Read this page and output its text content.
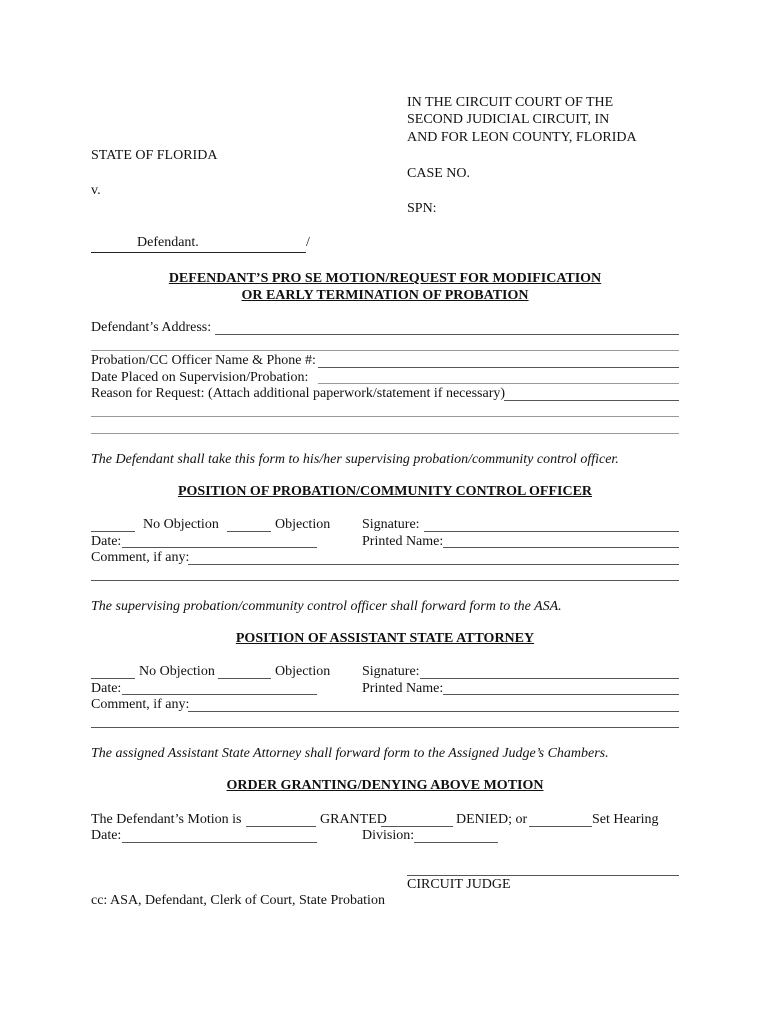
IN THE CIRCUIT COURT OF THE
SECOND JUDICIAL CIRCUIT, IN
AND FOR LEON COUNTY, FLORIDA
STATE OF FLORIDA
CASE NO.
v.
SPN:
Defendant.	/
DEFENDANT’S PRO SE MOTION/REQUEST FOR MODIFICATION
OR EARLY TERMINATION OF PROBATION
Defendant’s Address:
Probation/CC Officer Name & Phone #:
Date Placed on Supervision/Probation:
Reason for Request: (Attach additional paperwork/statement if necessary)
The Defendant shall take this form to his/her supervising probation/community control officer.
POSITION OF PROBATION/COMMUNITY CONTROL OFFICER
No Objection	Objection Signature:
Date:	Printed Name:
Comment, if any:
The supervising probation/community control officer shall forward form to the ASA.
POSITION OF ASSISTANT STATE ATTORNEY
No Objection	Objection Signature:
Date:	Printed Name:
Comment, if any:
The assigned Assistant State Attorney shall forward form to the Assigned Judge’s Chambers.
ORDER GRANTING/DENYING ABOVE MOTION
The Defendant’s Motion is	GRANTED	DENIED; or	Set Hearing
Date:	Division:
CIRCUIT JUDGE
cc: ASA, Defendant, Clerk of Court, State Probation
